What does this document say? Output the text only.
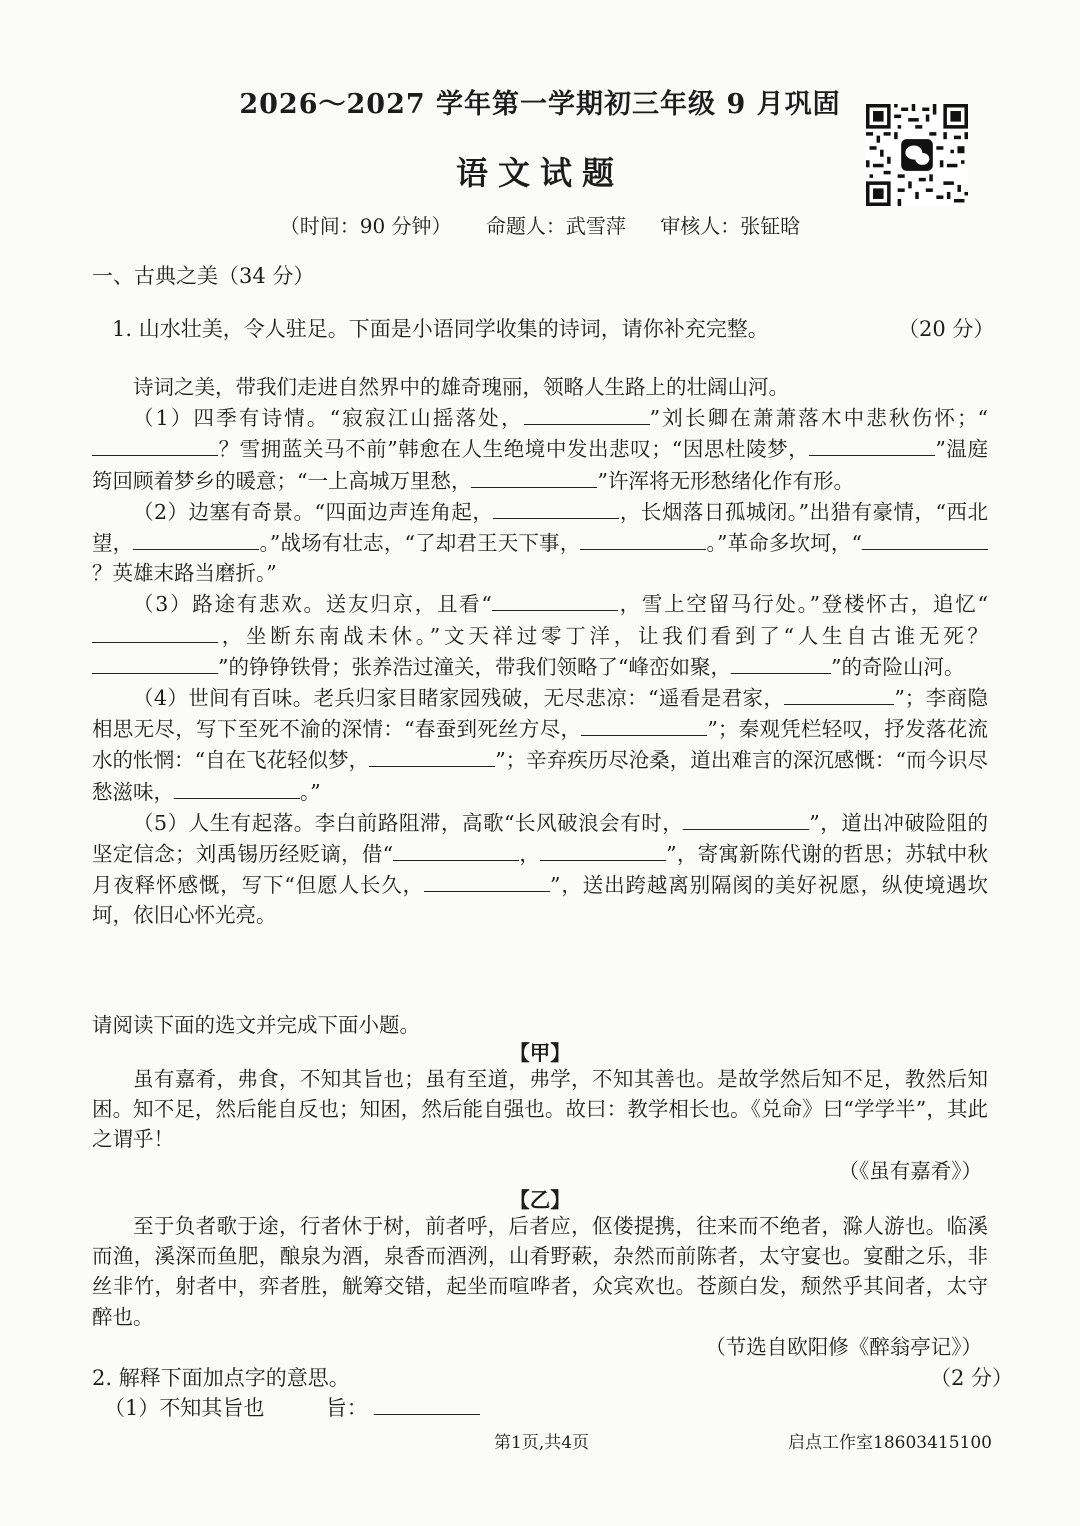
2026～2027 学年第一学期初三年级 9 月巩固
语文试题
（时间：90 分钟） 命题人：武雪萍 审核人：张钲晗
一、古典之美（34 分）
1. 山水壮美，令人驻足。下面是小语同学收集的诗词，请你补充完整。	（20 分）

诗词之美，带我们走进自然界中的雄奇瑰丽，领略人生路上的壮阔山河。

（1）四季有诗情。“寂寂江山摇落处，	”刘长卿在萧萧落木中悲秋伤怀；“？雪拥蓝关马不前”韩愈在人生绝境中发出悲叹；“因思杜陵梦，	”温庭筠回顾着梦乡的暖意；“一上高城万里愁，	”许浑将无形愁绪化作有形。

（2）边塞有奇景。“四面边声连角起，	，长烟落日孤城闭。”出猎有豪情，“西北望，	。”战场有壮志，“了却君王天下事，	。”革命多坎坷，“？英雄末路当磨折。”

（3）路途有悲欢。送友归京，且看“	，雪上空留马行处。”登楼怀古，追忆“，坐断东南战未休。”文天祥过零丁洋，让我们看到了“人生自古谁无死？”的铮铮铁骨；张养浩过潼关，带我们领略了“峰峦如聚，	”的奇险山河。

（4）世间有百味。老兵归家目睹家园残破，无尽悲凉：“遥看是君家，	”；李商隐相思无尽，写下至死不渝的深情：“春蚕到死丝方尽，	”；秦观凭栏轻叹，抒发落花流水的怅惘：“自在飞花轻似梦，	”；辛弃疾历尽沧桑，道出难言的深沉感慨：“而今识尽愁滋味，	。”

（5）人生有起落。李白前路阻滞，高歌“长风破浪会有时，	”，道出冲破险阻的坚定信念；刘禹锡历经贬谪，借“	，	”，寄寓新陈代谢的哲思；苏轼中秋月夜释怀感慨，写下“但愿人长久，	”，送出跨越离别隔阂的美好祝愿，纵使境遇坎坷，依旧心怀光亮。

请阅读下面的选文并完成下面小题。
【甲】

虽有嘉肴，弗食，不知其旨也；虽有至道，弗学，不知其善也。是故学然后知不足，教然后知困。知不足，然后能自反也；知困，然后能自强也。故曰：教学相长也。《兑命》曰“学学半”，其此之谓乎！

（《虽有嘉肴》）
【乙】

至于负者歌于途，行者休于树，前者呼，后者应，伛偻提携，往来而不绝者，滁人游也。临溪而渔，溪深而鱼肥，酿泉为酒，泉香而酒洌，山肴野蔌，杂然而前陈者，太守宴也。宴酣之乐，非丝非竹，射者中，弈者胜，觥筹交错，起坐而喧哗者，众宾欢也。苍颜白发，颓然乎其间者，太守醉也。

（节选自欧阳修《醉翁亭记》）
2. 解释下面加点字的意思。	（2 分）
（1）不知其旨也	旨：
第1页,共4页	启点工作室18603415100
